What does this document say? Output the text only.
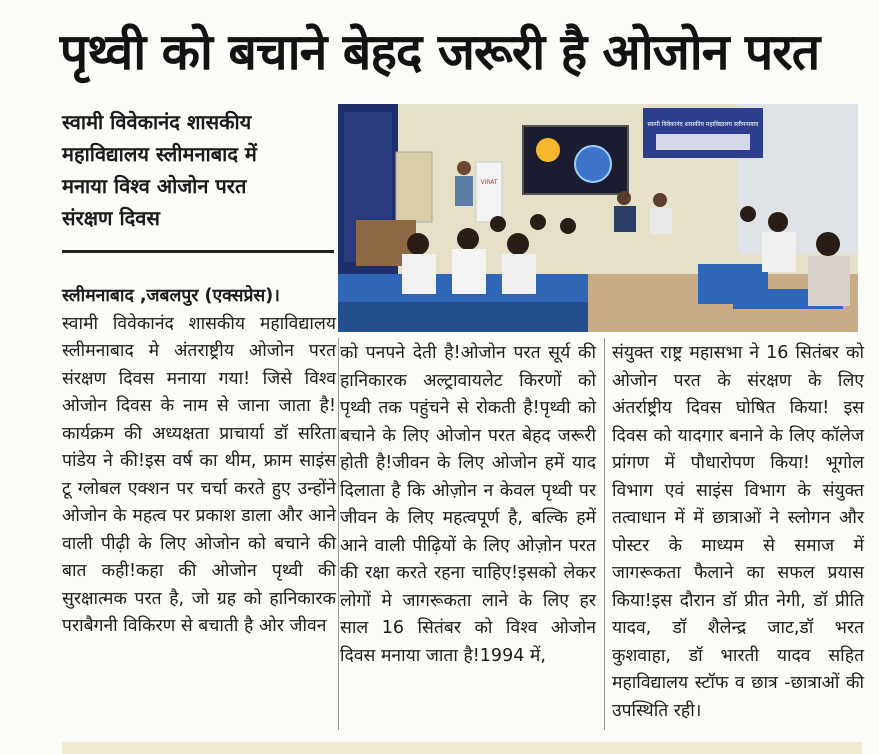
पृथ्वी को बचाने बेहद जरूरी है ओजोन परत
स्वामी विवेकानंद शासकीय
महाविद्यालय स्लीमनाबाद में
मनाया विश्व ओजोन परत
संरक्षण दिवस
स्वामी विवेकानंद शासकीय महाविद्यालय स्लीमनाबाद
VIRAT

स्लीमनाबाद ,जबलपुर (एक्सप्रेस)।

स्वामी विवेकानंद शासकीय महाविद्यालय स्लीमनाबाद मे अंतराष्ट्रीय ओजोन परत संरक्षण दिवस मनाया गया! जिसे विश्व ओजोन दिवस के नाम से जाना जाता है!कार्यक्रम की अध्यक्षता प्राचार्या डॉ सरिता पांडेय ने की!इस वर्ष का थीम, फ्राम साइंस टू ग्लोबल एक्शन पर चर्चा करते हुए उन्होंने ओजोन के महत्व पर प्रकाश डाला और आने वाली पीढ़ी के लिए ओजोन को बचाने की बात कही!कहा की ओजोन पृथ्वी की सुरक्षात्मक परत है, जो ग्रह को हानिकारक पराबैगनी विकिरण से बचाती है ओर जीवन

को पनपने देती है!ओजोन परत सूर्य की हानिकारक अल्ट्रावायलेट किरणों को पृथ्वी तक पहुंचने से रोकती है!पृथ्वी को बचाने के लिए ओजोन परत बेहद जरूरी होती है!जीवन के लिए ओजोन हमें याद दिलाता है कि ओज़ोन न केवल पृथ्वी पर जीवन के लिए महत्वपूर्ण है, बल्कि हमें आने वाली पीढ़ियों के लिए ओज़ोन परत की रक्षा करते रहना चाहिए!इसको लेकर लोगों मे जागरूकता लाने के लिए हर साल 16 सितंबर को विश्व ओजोन दिवस मनाया जाता है!1994 में,

संयुक्त राष्ट्र महासभा ने 16 सितंबर को ओजोन परत के संरक्षण के लिए अंतर्राष्ट्रीय दिवस घोषित किया! इस दिवस को यादगार बनाने के लिए कॉलेज प्रांगण में पौधारोपण किया! भूगोल विभाग एवं साइंस विभाग के संयुक्त तत्वाधान में में छात्राओं ने स्लोगन और पोस्टर के माध्यम से समाज में जागरूकता फैलाने का सफल प्रयास किया!इस दौरान डॉ प्रीत नेगी, डॉ प्रीति यादव, डॉ शैलेन्द्र जाट,डॉ भरत कुशवाहा, डॉ भारती यादव सहित महाविद्यालय स्टॉफ व छात्र -छात्राओं की उपस्थिति रही।
